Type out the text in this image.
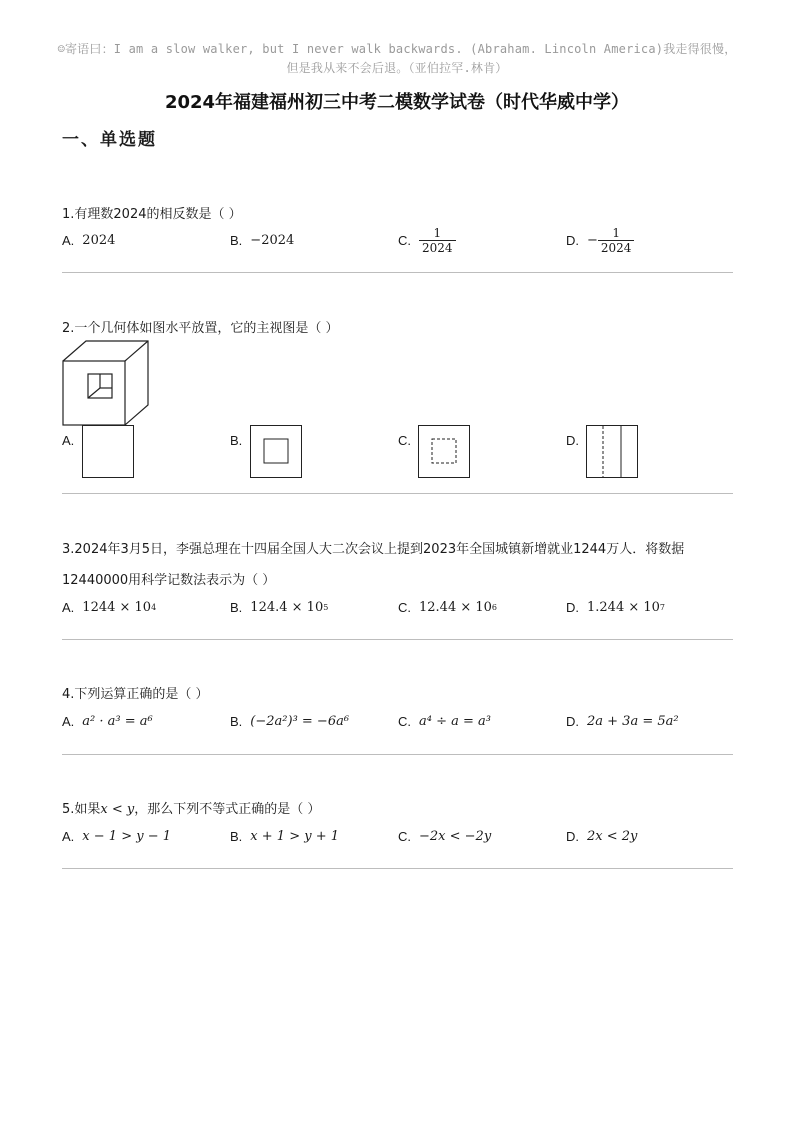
☺寄语曰：I am a slow walker, but I never walk backwards. (Abraham. Lincoln America)我走得很慢，
但是我从来不会后退。（亚伯拉罕.林肯）
2024年福建福州初三中考二模数学试卷（时代华威中学）
一、单选题
1.有理数2024的相反数是（ ）
A. 2024	B. −2024	C. $\frac{1}{2024}$	D. − $\frac{1}{2024}$
2.一个几何体如图水平放置，它的主视图是（ ）
A.	B.	C.	D.
3.2024年3月5日，李强总理在十四届全国人大二次会议上提到2023年全国城镇新增就业1244万人．将数据
12440000用科学记数法表示为（ ）
A. 1244 × 10 4	B. 124.4 × 10 5	C. 12.44 × 10 6	D. 1.244 × 10 7
4.下列运算正确的是（ ）
A. a² · a³ = a⁶	B. (−2a²)³ = −6a⁶	C. a⁴ ÷ a = a³	D. 2a + 3a = 5a²
5.如果x < y，那么下列不等式正确的是（ ）
A. x − 1 > y − 1	B. x + 1 > y + 1	C. −2x < −2y	D. 2x < 2y
